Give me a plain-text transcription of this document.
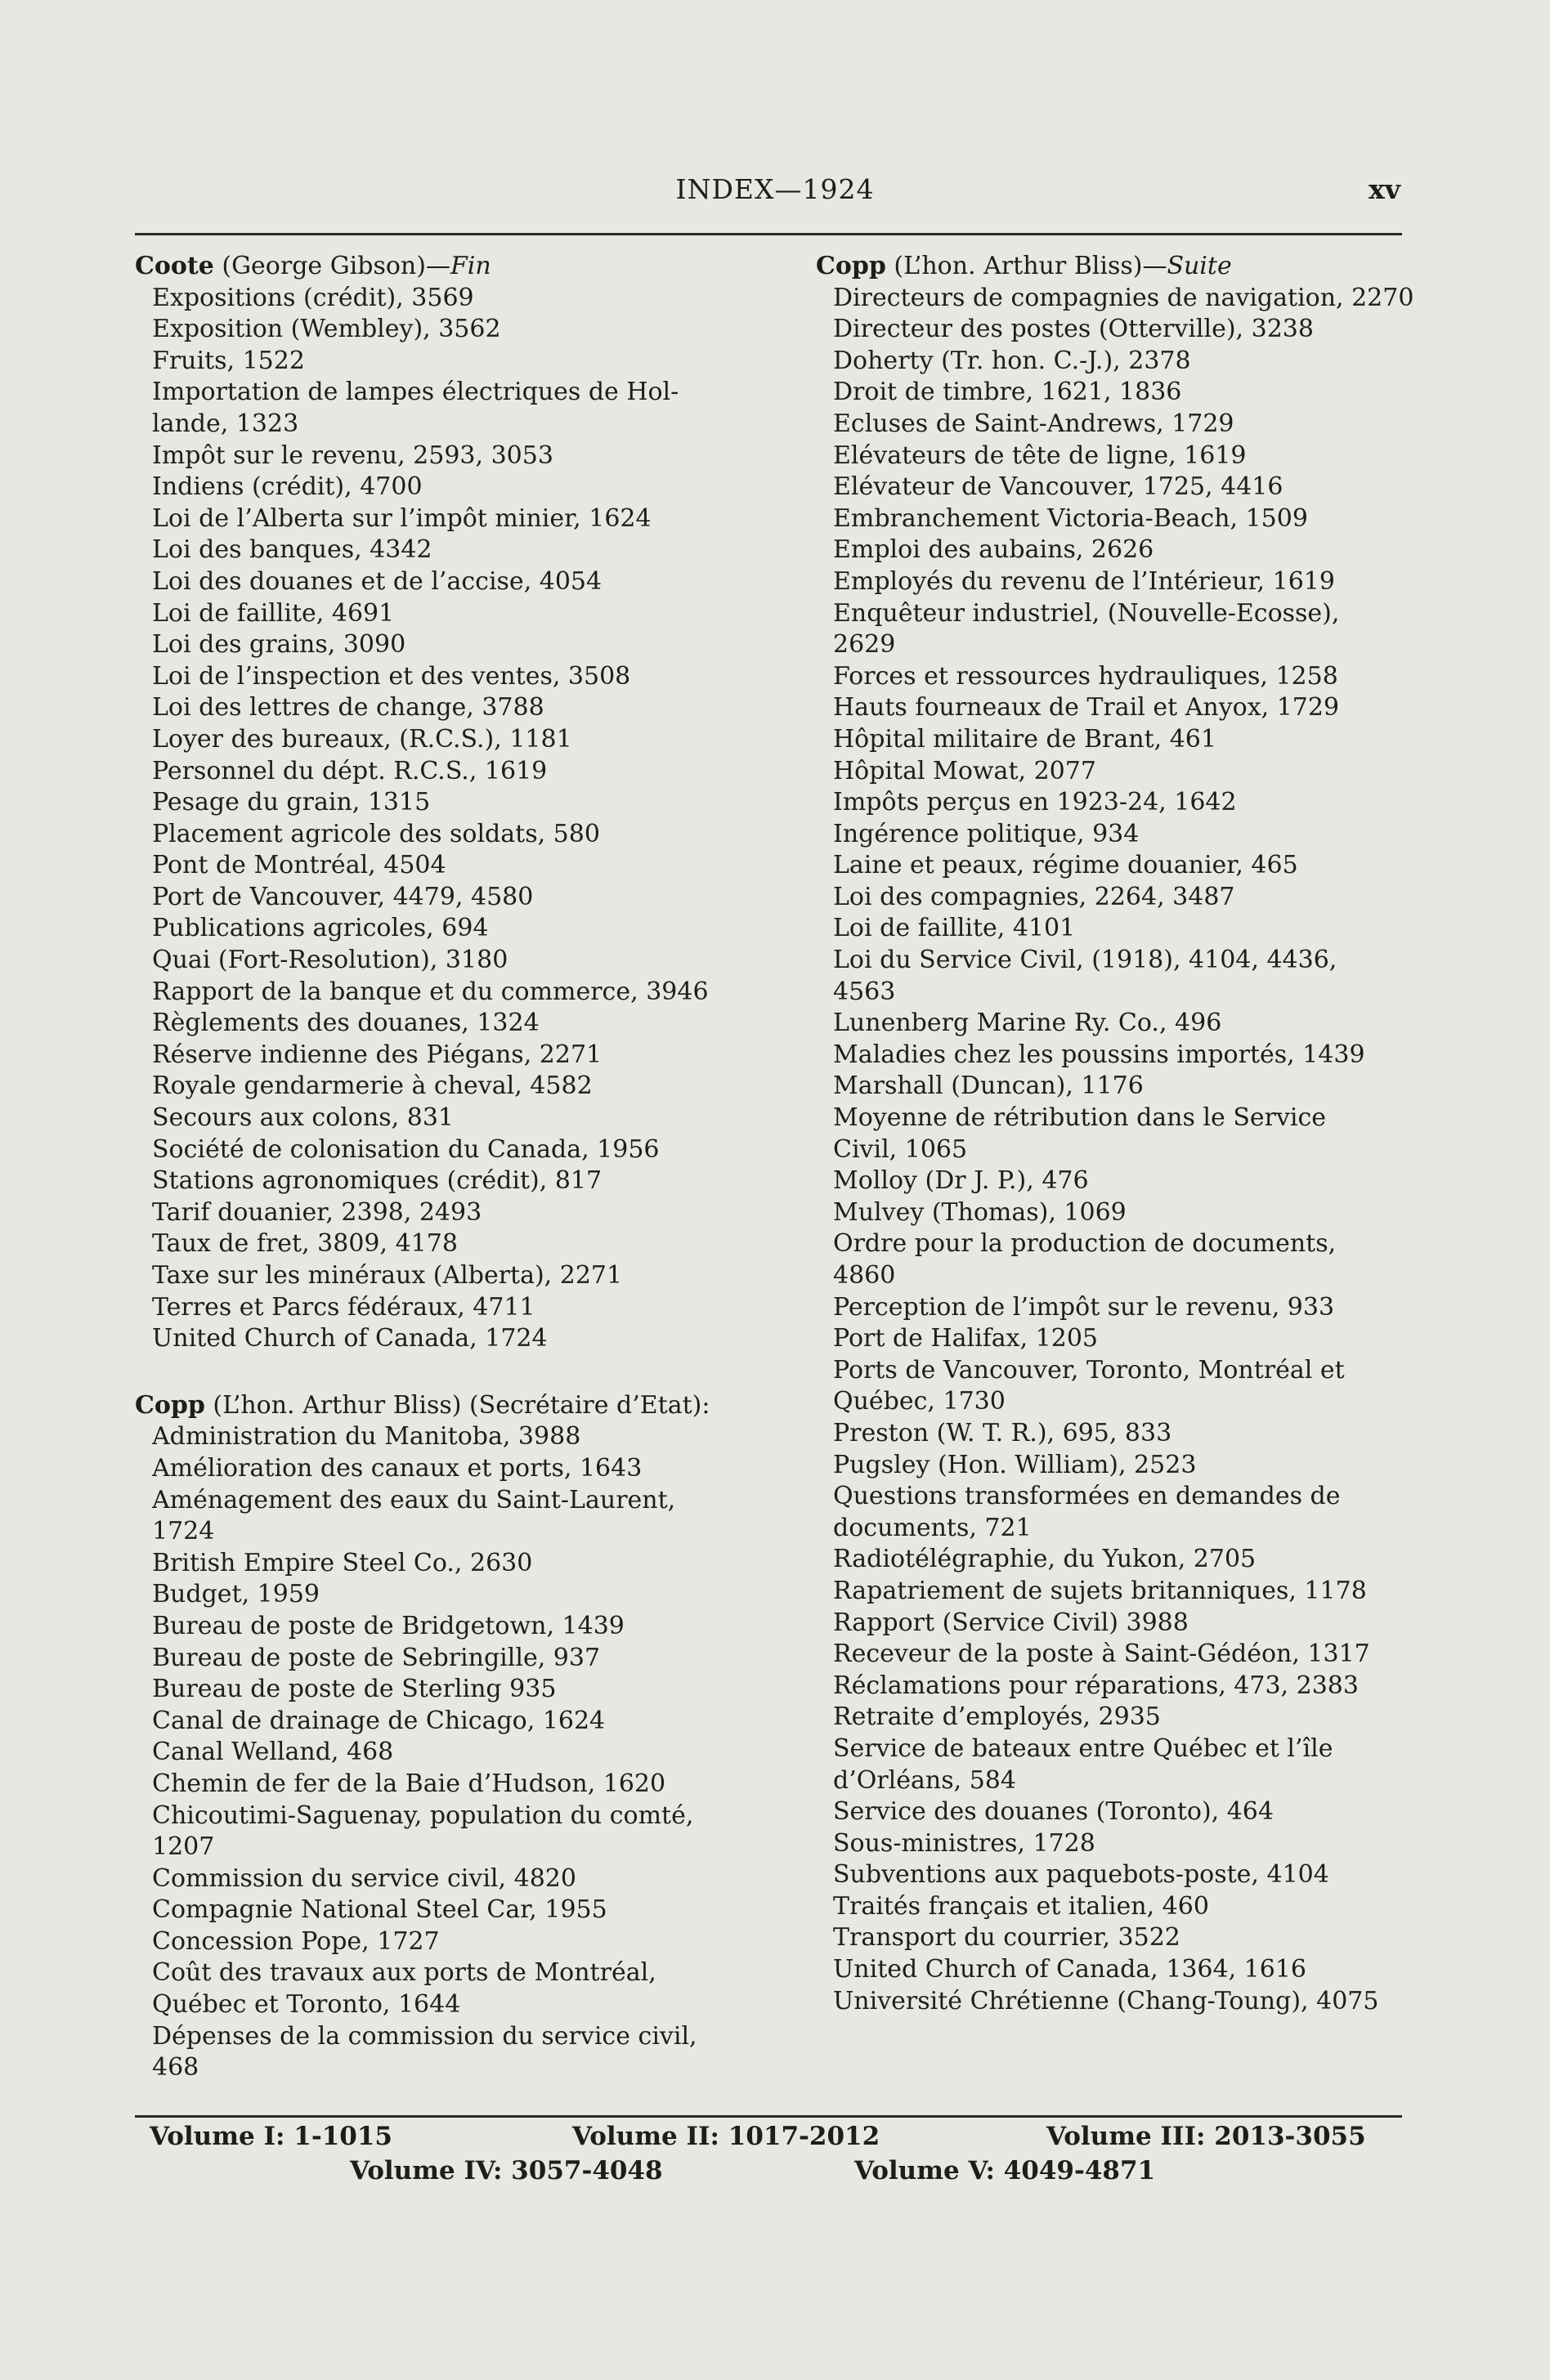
INDEX—1924	xv
Coote (George Gibson)—Fin
Expositions (crédit), 3569
Exposition (Wembley), 3562
Fruits, 1522
Importation de lampes électriques de Hol-
lande, 1323
Impôt sur le revenu, 2593, 3053
Indiens (crédit), 4700
Loi de l’Alberta sur l’impôt minier, 1624
Loi des banques, 4342
Loi des douanes et de l’accise, 4054
Loi de faillite, 4691
Loi des grains, 3090
Loi de l’inspection et des ventes, 3508
Loi des lettres de change, 3788
Loyer des bureaux, (R.C.S.), 1181
Personnel du dépt. R.C.S., 1619
Pesage du grain, 1315
Placement agricole des soldats, 580
Pont de Montréal, 4504
Port de Vancouver, 4479, 4580
Publications agricoles, 694
Quai (Fort-Resolution), 3180
Rapport de la banque et du commerce, 3946
Règlements des douanes, 1324
Réserve indienne des Piégans, 2271
Royale gendarmerie à cheval, 4582
Secours aux colons, 831
Société de colonisation du Canada, 1956
Stations agronomiques (crédit), 817
Tarif douanier, 2398, 2493
Taux de fret, 3809, 4178
Taxe sur les minéraux (Alberta), 2271
Terres et Parcs fédéraux, 4711
United Church of Canada, 1724
Copp (L’hon. Arthur Bliss) (Secrétaire d’Etat):
Administration du Manitoba, 3988
Amélioration des canaux et ports, 1643
Aménagement des eaux du Saint-Laurent,
1724
British Empire Steel Co., 2630
Budget, 1959
Bureau de poste de Bridgetown, 1439
Bureau de poste de Sebringille, 937
Bureau de poste de Sterling 935
Canal de drainage de Chicago, 1624
Canal Welland, 468
Chemin de fer de la Baie d’Hudson, 1620
Chicoutimi-Saguenay, population du comté,
1207
Commission du service civil, 4820
Compagnie National Steel Car, 1955
Concession Pope, 1727
Coût des travaux aux ports de Montréal,
Québec et Toronto, 1644
Dépenses de la commission du service civil,
468
Copp (L’hon. Arthur Bliss)—Suite
Directeurs de compagnies de navigation, 2270
Directeur des postes (Otterville), 3238
Doherty (Tr. hon. C.-J.), 2378
Droit de timbre, 1621, 1836
Ecluses de Saint-Andrews, 1729
Elévateurs de tête de ligne, 1619
Elévateur de Vancouver, 1725, 4416
Embranchement Victoria-Beach, 1509
Emploi des aubains, 2626
Employés du revenu de l’Intérieur, 1619
Enquêteur industriel, (Nouvelle-Ecosse),
2629
Forces et ressources hydrauliques, 1258
Hauts fourneaux de Trail et Anyox, 1729
Hôpital militaire de Brant, 461
Hôpital Mowat, 2077
Impôts perçus en 1923-24, 1642
Ingérence politique, 934
Laine et peaux, régime douanier, 465
Loi des compagnies, 2264, 3487
Loi de faillite, 4101
Loi du Service Civil, (1918), 4104, 4436,
4563
Lunenberg Marine Ry. Co., 496
Maladies chez les poussins importés, 1439
Marshall (Duncan), 1176
Moyenne de rétribution dans le Service
Civil, 1065
Molloy (Dr J. P.), 476
Mulvey (Thomas), 1069
Ordre pour la production de documents,
4860
Perception de l’impôt sur le revenu, 933
Port de Halifax, 1205
Ports de Vancouver, Toronto, Montréal et
Québec, 1730
Preston (W. T. R.), 695, 833
Pugsley (Hon. William), 2523
Questions transformées en demandes de
documents, 721
Radiotélégraphie, du Yukon, 2705
Rapatriement de sujets britanniques, 1178
Rapport (Service Civil) 3988
Receveur de la poste à Saint-Gédéon, 1317
Réclamations pour réparations, 473, 2383
Retraite d’employés, 2935
Service de bateaux entre Québec et l’île
d’Orléans, 584
Service des douanes (Toronto), 464
Sous-ministres, 1728
Subventions aux paquebots-poste, 4104
Traités français et italien, 460
Transport du courrier, 3522
United Church of Canada, 1364, 1616
Université Chrétienne (Chang-Toung), 4075
Volume I: 1-1015	Volume II: 1017-2012	Volume III: 2013-3055
Volume IV: 3057-4048	Volume V: 4049-4871
